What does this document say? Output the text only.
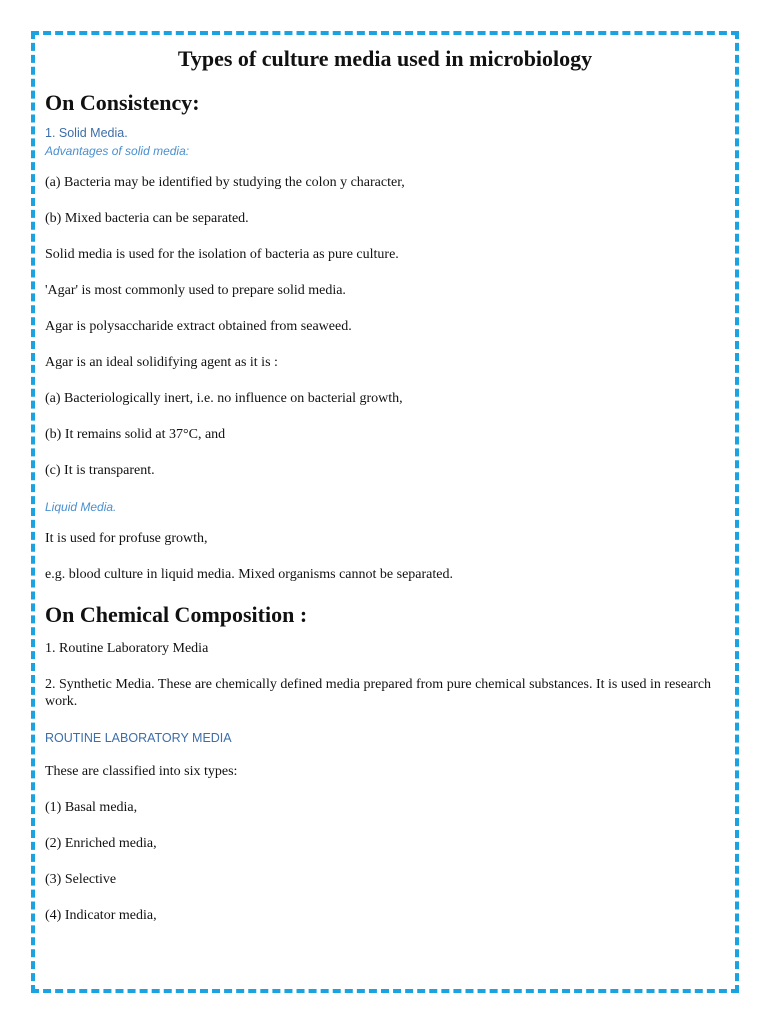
Types of culture media used in microbiology
On Consistency:

1. Solid Media.

Advantages of solid media:

(a) Bacteria may be identified by studying the colon y character,

(b) Mixed bacteria can be separated.

Solid media is used for the isolation of bacteria as pure culture.

'Agar' is most commonly used to prepare solid media.

Agar is polysaccharide extract obtained from seaweed.

Agar is an ideal solidifying agent as it is :

(a) Bacteriologically inert, i.e. no influence on bacterial growth,

(b) It remains solid at 37°C, and

(c) It is transparent.

Liquid Media.

It is used for profuse growth,

e.g. blood culture in liquid media. Mixed organisms cannot be separated.

On Chemical Composition :

1. Routine Laboratory Media

2. Synthetic Media. These are chemically defined media prepared from pure chemical substances. It is used in research work.

ROUTINE LABORATORY MEDIA

These are classified into six types:

(1) Basal media,

(2) Enriched media,

(3) Selective

(4) Indicator media,
